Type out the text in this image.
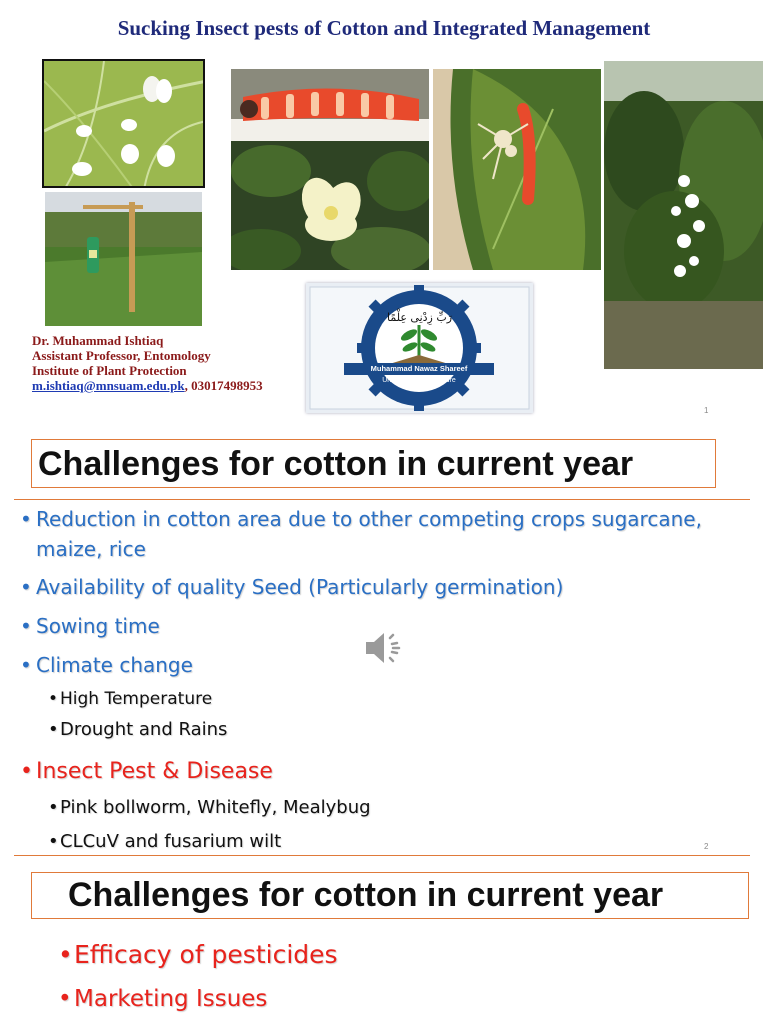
Sucking Insect pests of Cotton and Integrated Management
Dr. Muhammad Ishtiaq
Assistant Professor, Entomology
Institute of Plant Protection
m.ishtiaq@mnsuam.edu.pk, 03017498953
رَبِّ زِدْنِی عِلْمًا
Muhammad Nawaz Shareef
University of Agriculture
Multan
1
Challenges for cotton in current year
• Reduction in cotton area due to other competing crops sugarcane,
maize, rice
• Availability of quality Seed (Particularly germination)
• Sowing time
• Climate change
• High Temperature
•Drought and Rains
• Insect Pest & Disease
•Pink bollworm, Whitefly, Mealybug
•CLCuV and fusarium wilt	2
Challenges for cotton in current year
•Efficacy of pesticides
• Marketing Issues
